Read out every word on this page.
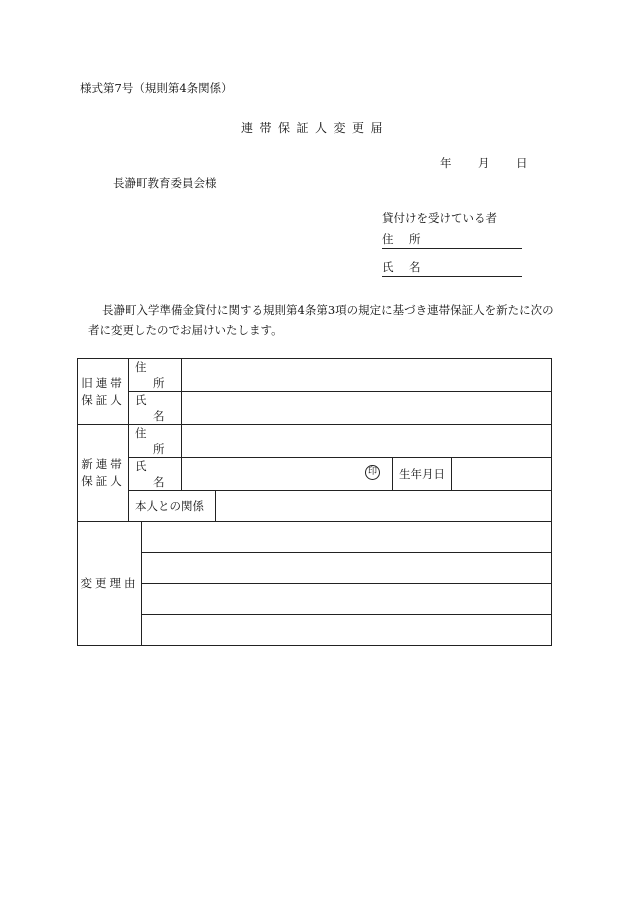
様式第7号（規則第4条関係）
連帯保証人変更届
年 月 日
長瀞町教育委員会様
貸付けを受けている者
住　所
氏　名
長瀞町入学準備金貸付に関する規則第4条第3項の規定に基づき連帯保証人を新たに次の者に変更したのでお届けいたします。
旧連帯
保証人	住所					
	氏名					

新連帯
保証人	住所					
	氏名		印		生年月日	
	本人との関係					
変更理由						
